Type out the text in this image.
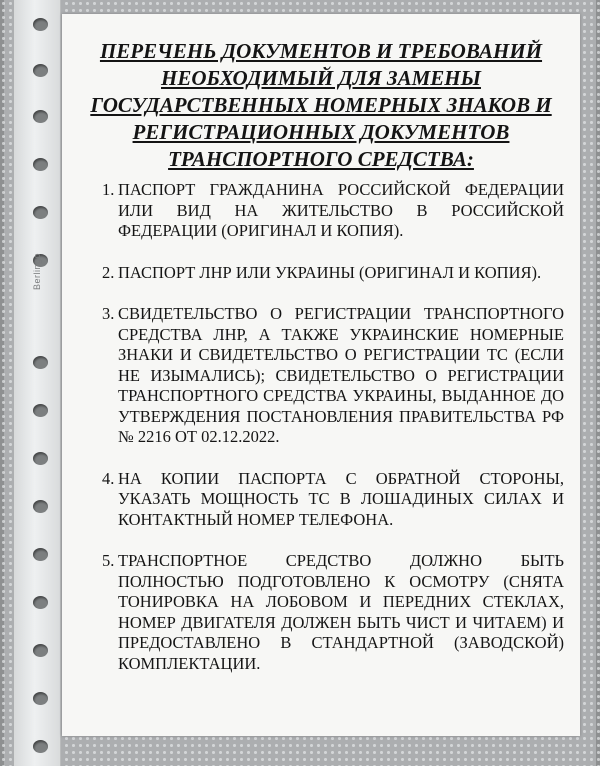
Berlingo
ПЕРЕЧЕНЬ ДОКУМЕНТОВ И ТРЕБОВАНИЙ НЕОБХОДИМЫЙ ДЛЯ ЗАМЕНЫ ГОСУДАРСТВЕННЫХ НОМЕРНЫХ ЗНАКОВ И РЕГИСТРАЦИОННЫХ ДОКУМЕНТОВ ТРАНСПОРТНОГО СРЕДСТВА:
1. ПАСПОРТ ГРАЖДАНИНА РОССИЙСКОЙ ФЕДЕРАЦИИ ИЛИ ВИД НА ЖИТЕЛЬСТВО В РОССИЙСКОЙ ФЕДЕРАЦИИ (ОРИГИНАЛ И КОПИЯ).
2. ПАСПОРТ ЛНР ИЛИ УКРАИНЫ (ОРИГИНАЛ И КОПИЯ).
3. СВИДЕТЕЛЬСТВО О РЕГИСТРАЦИИ ТРАНСПОРТНОГО СРЕДСТВА ЛНР, А ТАКЖЕ УКРАИНСКИЕ НОМЕРНЫЕ ЗНАКИ И СВИДЕТЕЛЬСТВО О РЕГИСТРАЦИИ ТС (ЕСЛИ НЕ ИЗЫМАЛИСЬ); СВИДЕТЕЛЬСТВО О РЕГИСТРАЦИИ ТРАНСПОРТНОГО СРЕДСТВА УКРАИНЫ, ВЫДАННОЕ ДО УТВЕРЖДЕНИЯ ПОСТАНОВЛЕНИЯ ПРАВИТЕЛЬСТВА РФ № 2216 ОТ 02.12.2022.
4. НА КОПИИ ПАСПОРТА С ОБРАТНОЙ СТОРОНЫ, УКАЗАТЬ МОЩНОСТЬ ТС В ЛОШАДИНЫХ СИЛАХ И КОНТАКТНЫЙ НОМЕР ТЕЛЕФОНА.
5. ТРАНСПОРТНОЕ СРЕДСТВО ДОЛЖНО БЫТЬ ПОЛНОСТЬЮ ПОДГОТОВЛЕНО К ОСМОТРУ (СНЯТА ТОНИРОВКА НА ЛОБОВОМ И ПЕРЕДНИХ СТЕКЛАХ, НОМЕР ДВИГАТЕЛЯ ДОЛЖЕН БЫТЬ ЧИСТ И ЧИТАЕМ) И ПРЕДОСТАВЛЕНО В СТАНДАРТНОЙ (ЗАВОДСКОЙ) КОМПЛЕКТАЦИИ.
